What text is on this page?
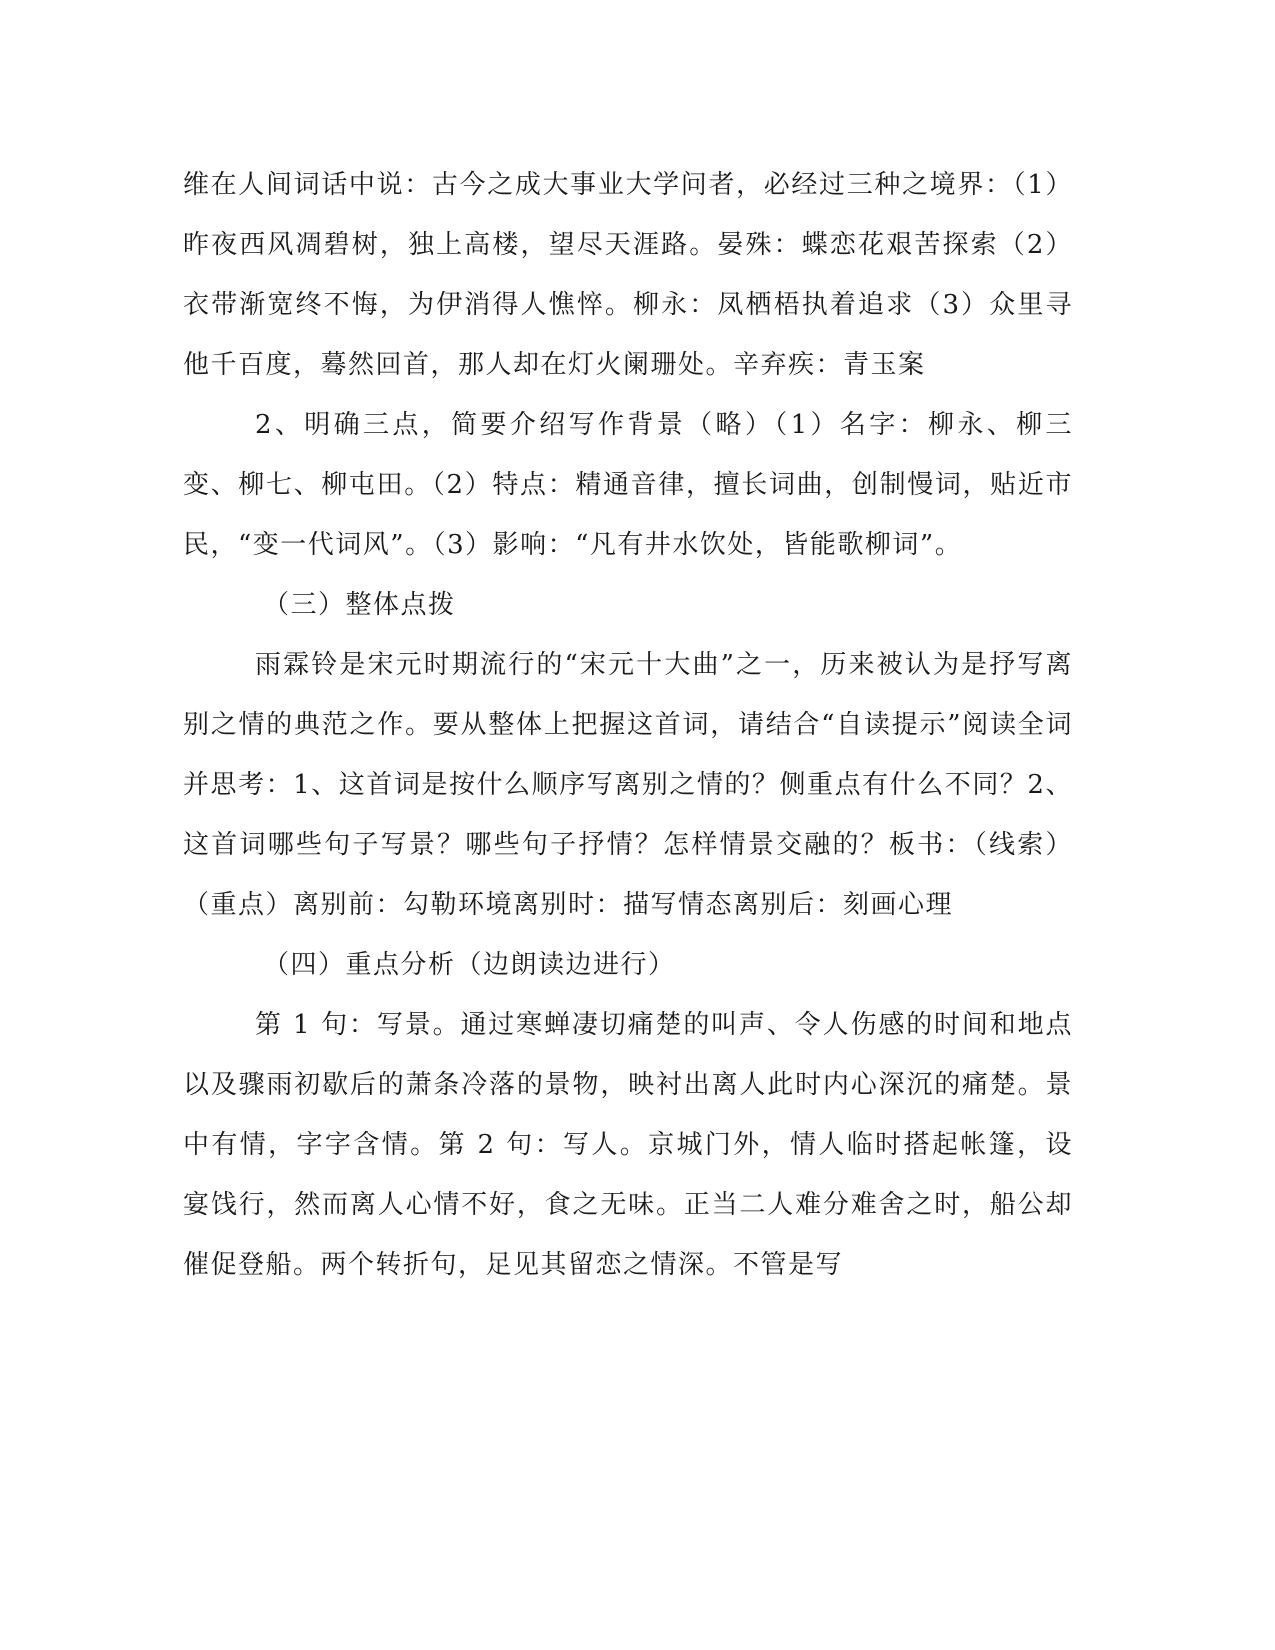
维在人间词话中说：古今之成大事业大学问者，必经过三种之境界：（1）昨夜西风凋碧树，独上高楼，望尽天涯路。晏殊：蝶恋花艰苦探索（2）衣带渐宽终不悔，为伊消得人憔悴。柳永：凤栖梧执着追求（3）众里寻他千百度，蓦然回首，那人却在灯火阑珊处。辛弃疾：青玉案

2、明确三点，简要介绍写作背景（略）（1）名字：柳永、柳三变、柳七、柳屯田。（2）特点：精通音律，擅长词曲，创制慢词，贴近市民，“变一代词风”。（3）影响：“凡有井水饮处，皆能歌柳词”。

（三）整体点拨

雨霖铃是宋元时期流行的“宋元十大曲”之一，历来被认为是抒写离别之情的典范之作。要从整体上把握这首词，请结合“自读提示”阅读全词并思考：1、这首词是按什么顺序写离别之情的？侧重点有什么不同？2、这首词哪些句子写景？哪些句子抒情？怎样情景交融的？板书：（线索）（重点）离别前：勾勒环境离别时：描写情态离别后：刻画心理

（四）重点分析（边朗读边进行）

第 1 句：写景。通过寒蝉凄切痛楚的叫声、令人伤感的时间和地点以及骤雨初歇后的萧条冷落的景物，映衬出离人此时内心深沉的痛楚。景中有情，字字含情。第 2 句：写人。京城门外，情人临时搭起帐篷，设宴饯行，然而离人心情不好，食之无味。正当二人难分难舍之时，船公却催促登船。两个转折句，足见其留恋之情深。不管是写
